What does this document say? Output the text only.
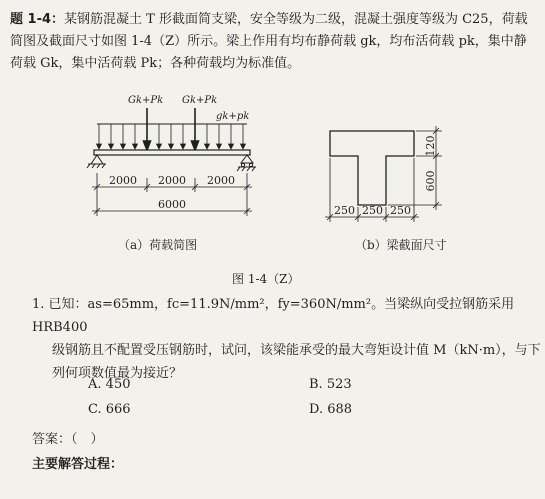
题 1-4：某钢筋混凝土 T 形截面简支梁，安全等级为二级，混凝土强度等级为 C25，荷载简图及截面尺寸如图 1-4（Z）所示。梁上作用有均布静荷载 gk，均布活荷载 pk，集中静荷载 Gk，集中活荷载 Pk；各种荷载均为标准值。
Gk+Pk Gk+Pk
gk+pk
2000 2000 2000
6000
（a）荷载简图
120
600
250 250 250
（b）梁截面尺寸
图 1-4（Z）
1. 已知：as=65mm，fc=11.9N/mm²，fy=360N/mm²。当梁纵向受拉钢筋采用 HRB400
级钢筋且不配置受压钢筋时，试问，该梁能承受的最大弯矩设计值 M（kN·m），与下
列何项数值最为接近？
A. 450	B. 523
C. 666	D. 688
答案：（　）
主要解答过程：
